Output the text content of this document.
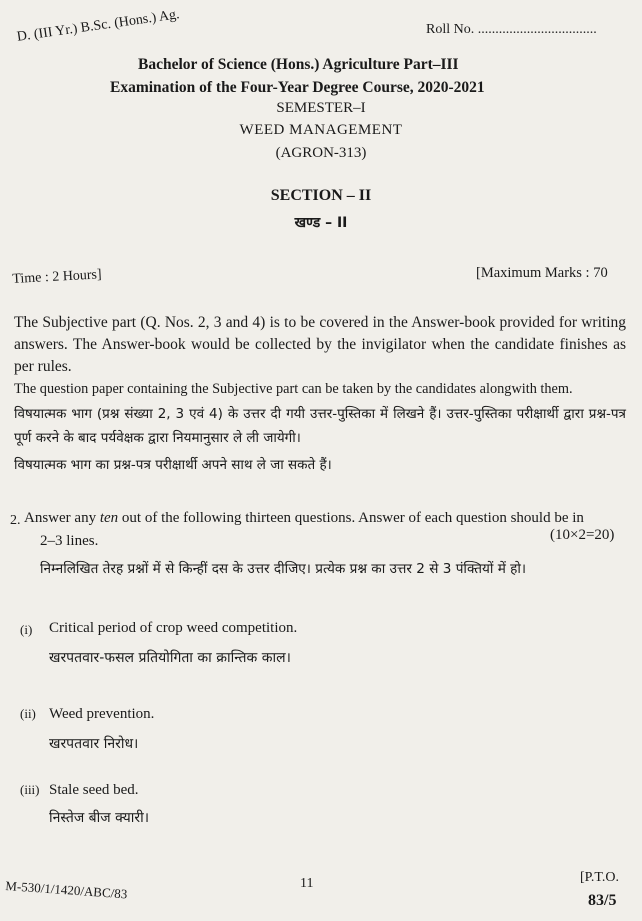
D. (III Yr.) B.Sc. (Hons.) Ag.	Roll No. ..................................
Bachelor of Science (Hons.) Agriculture Part–III
Examination of the Four-Year Degree Course, 2020-2021
SEMESTER–I
WEED MANAGEMENT
(AGRON-313)
SECTION – II
खण्ड – II
Time : 2 Hours]	[Maximum Marks : 70
The Subjective part (Q. Nos. 2, 3 and 4) is to be covered in the Answer-book provided for writing answers. The Answer-book would be collected by the invigilator when the candidate finishes as per rules.
The question paper containing the Subjective part can be taken by the candidates alongwith them.
विषयात्मक भाग (प्रश्न संख्या 2, 3 एवं 4) के उत्तर दी गयी उत्तर-पुस्तिका में लिखने हैं। उत्तर-पुस्तिका परीक्षार्थी द्वारा प्रश्न-पत्र पूर्ण करने के बाद पर्यवेक्षक द्वारा नियमानुसार ले ली जायेगी।
विषयात्मक भाग का प्रश्न-पत्र परीक्षार्थी अपने साथ ले जा सकते हैं।
2. Answer any ten out of the following thirteen questions. Answer of each question should be in
2–3 lines.	(10×2=20)
निम्नलिखित तेरह प्रश्नों में से किन्हीं दस के उत्तर दीजिए। प्रत्येक प्रश्न का उत्तर 2 से 3 पंक्तियों में हो।
(i) Critical period of crop weed competition.
खरपतवार-फसल प्रतियोगिता का क्रान्तिक काल।
(ii) Weed prevention.
खरपतवार निरोध।
(iii) Stale seed bed.
निस्तेज बीज क्यारी।
M-530/1/1420/ABC/83	11	[P.T.O.
83/5
